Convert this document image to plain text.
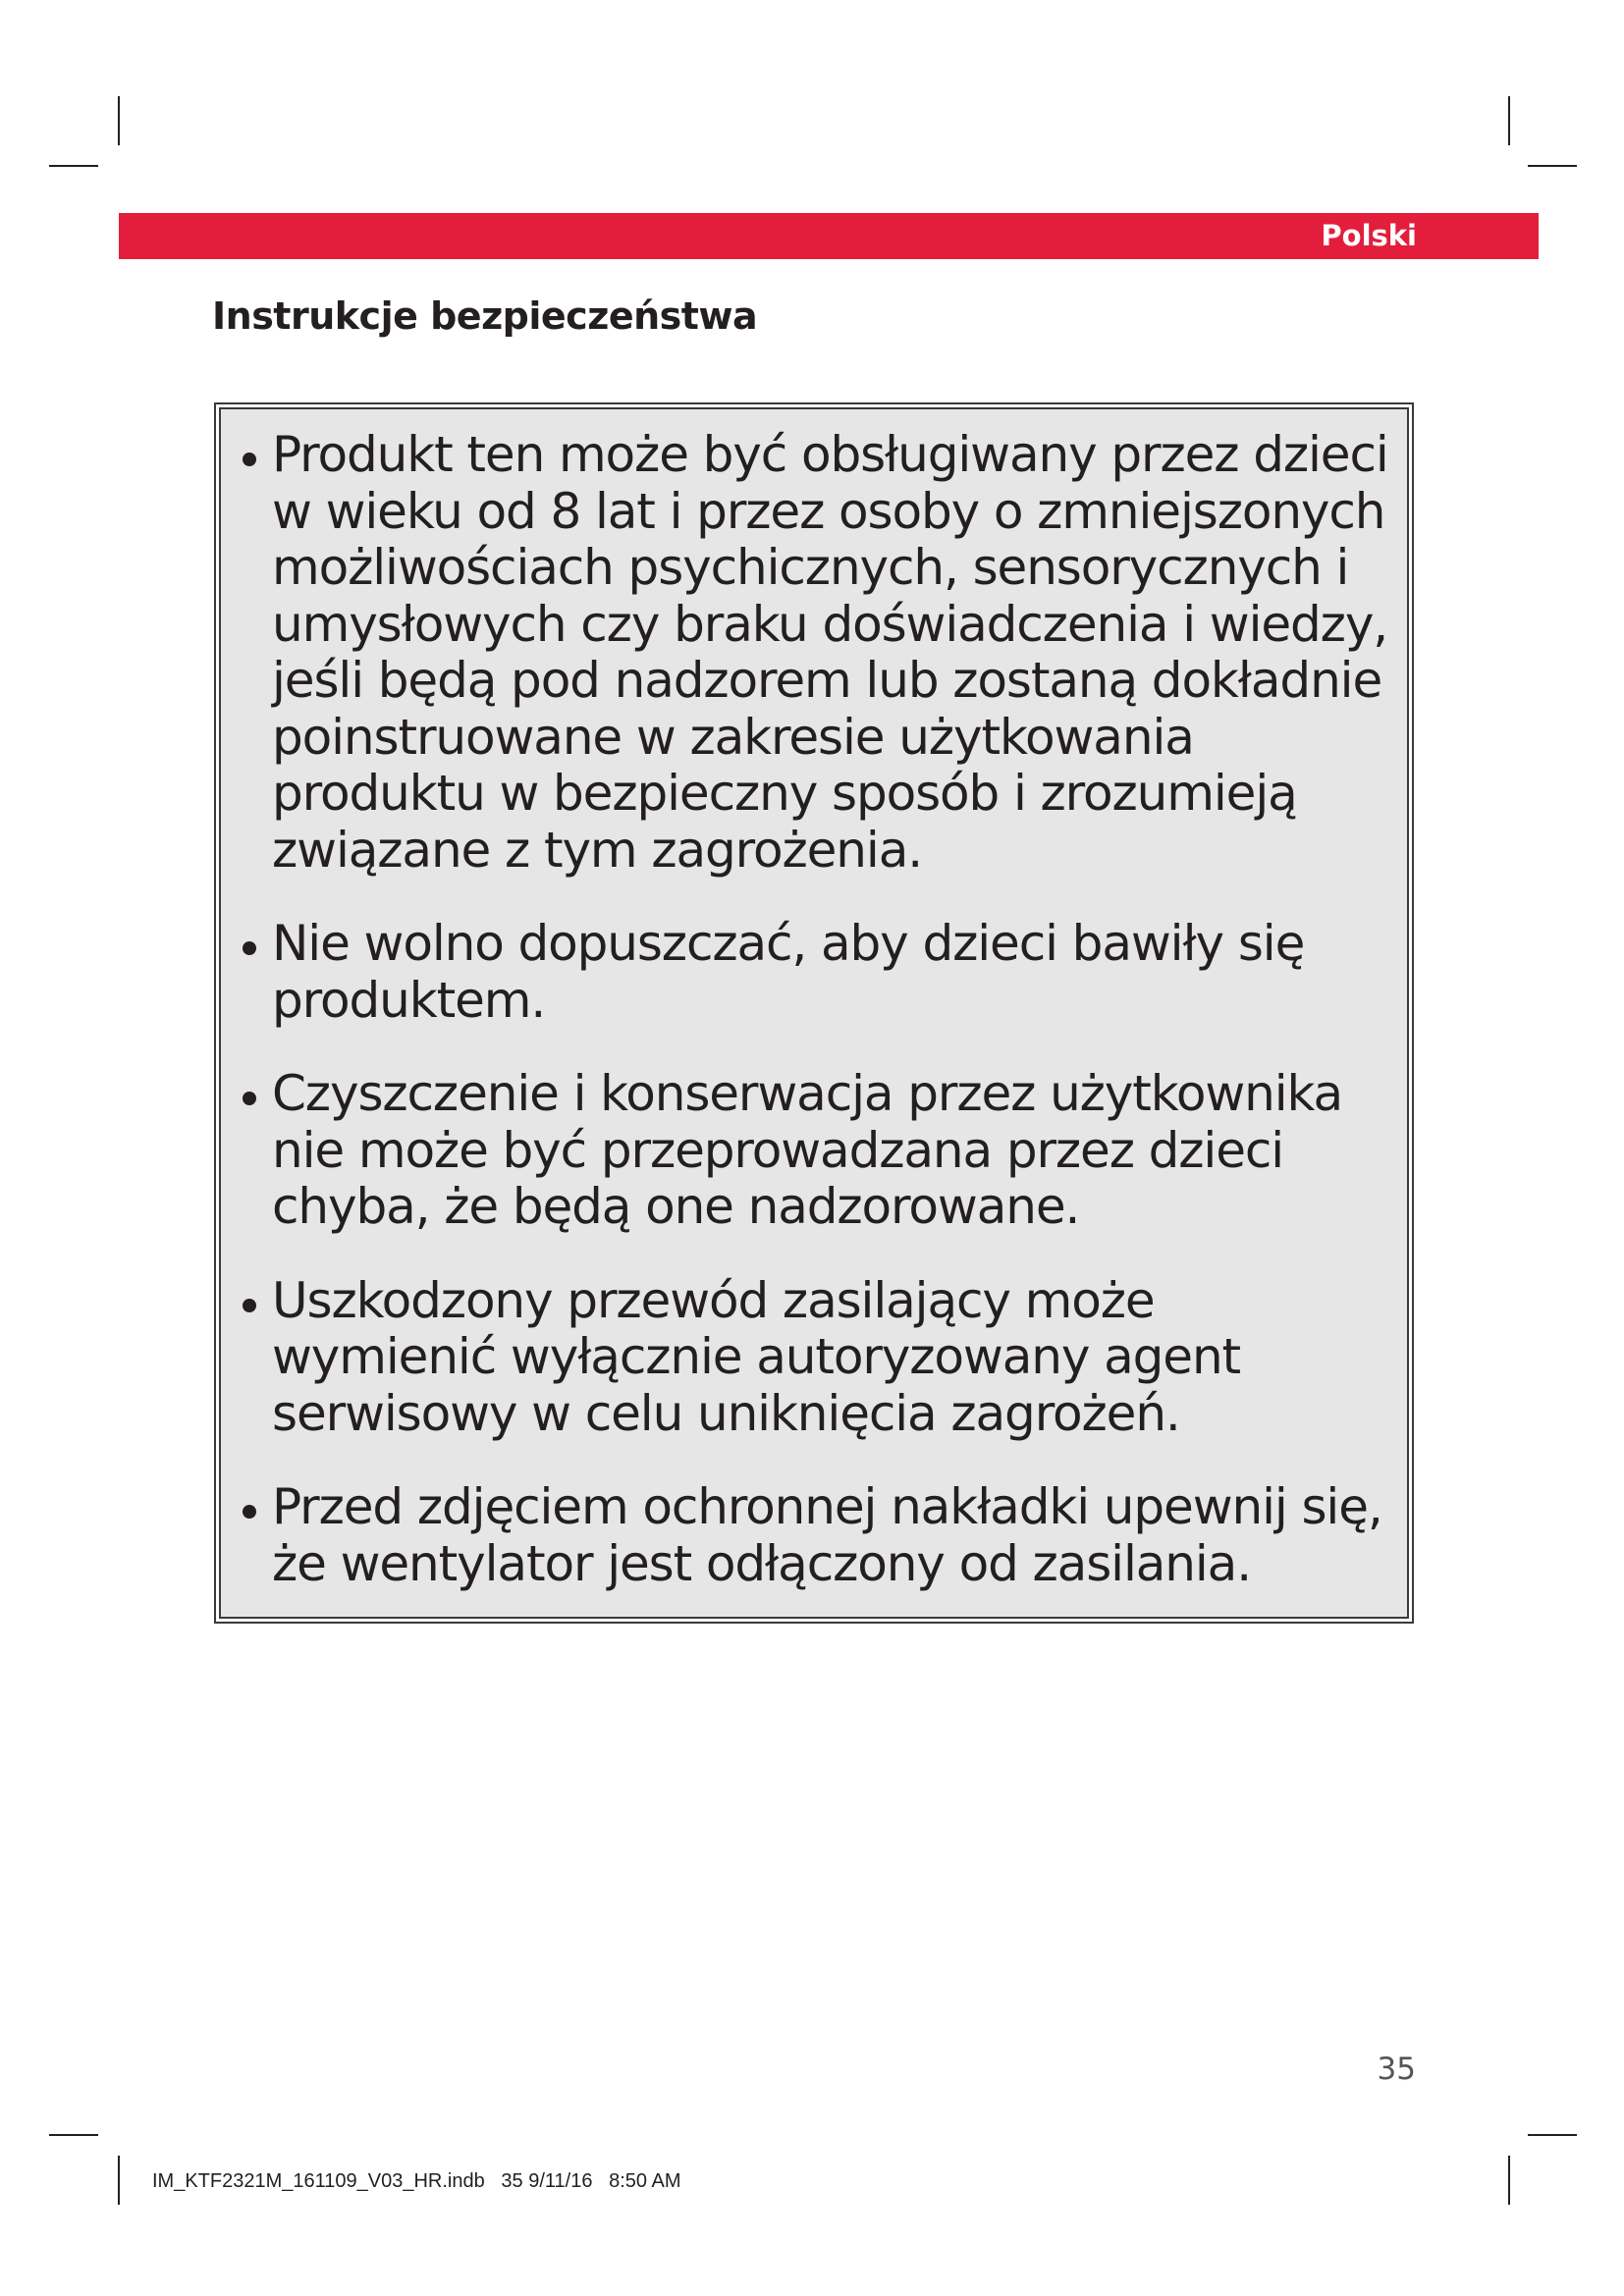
Polski
Instrukcje bezpieczeństwa
Produkt ten może być obsługiwany przez dzieci w wieku od 8 lat i przez osoby o zmniejszonych możliwościach psychicznych, sensorycznych i umysłowych czy braku doświadczenia i wiedzy, jeśli będą pod nadzorem lub zostaną dokładnie poinstruowane w zakresie użytkowania produktu w bezpieczny sposób i zrozumieją związane z tym zagrożenia.
Nie wolno dopuszczać, aby dzieci bawiły się produktem.
Czyszczenie i konserwacja przez użytkownika nie może być przeprowadzana przez dzieci chyba, że będą one nadzorowane.
Uszkodzony przewód zasilający może wymienić wyłącznie autoryzowany agent serwisowy w celu uniknięcia zagrożeń.
Przed zdjęciem ochronnej nakładki upewnij się, że wentylator jest odłączony od zasilania.
35
IM_KTF2321M_161109_V03_HR.indb   35 9/11/16   8:50 AM
